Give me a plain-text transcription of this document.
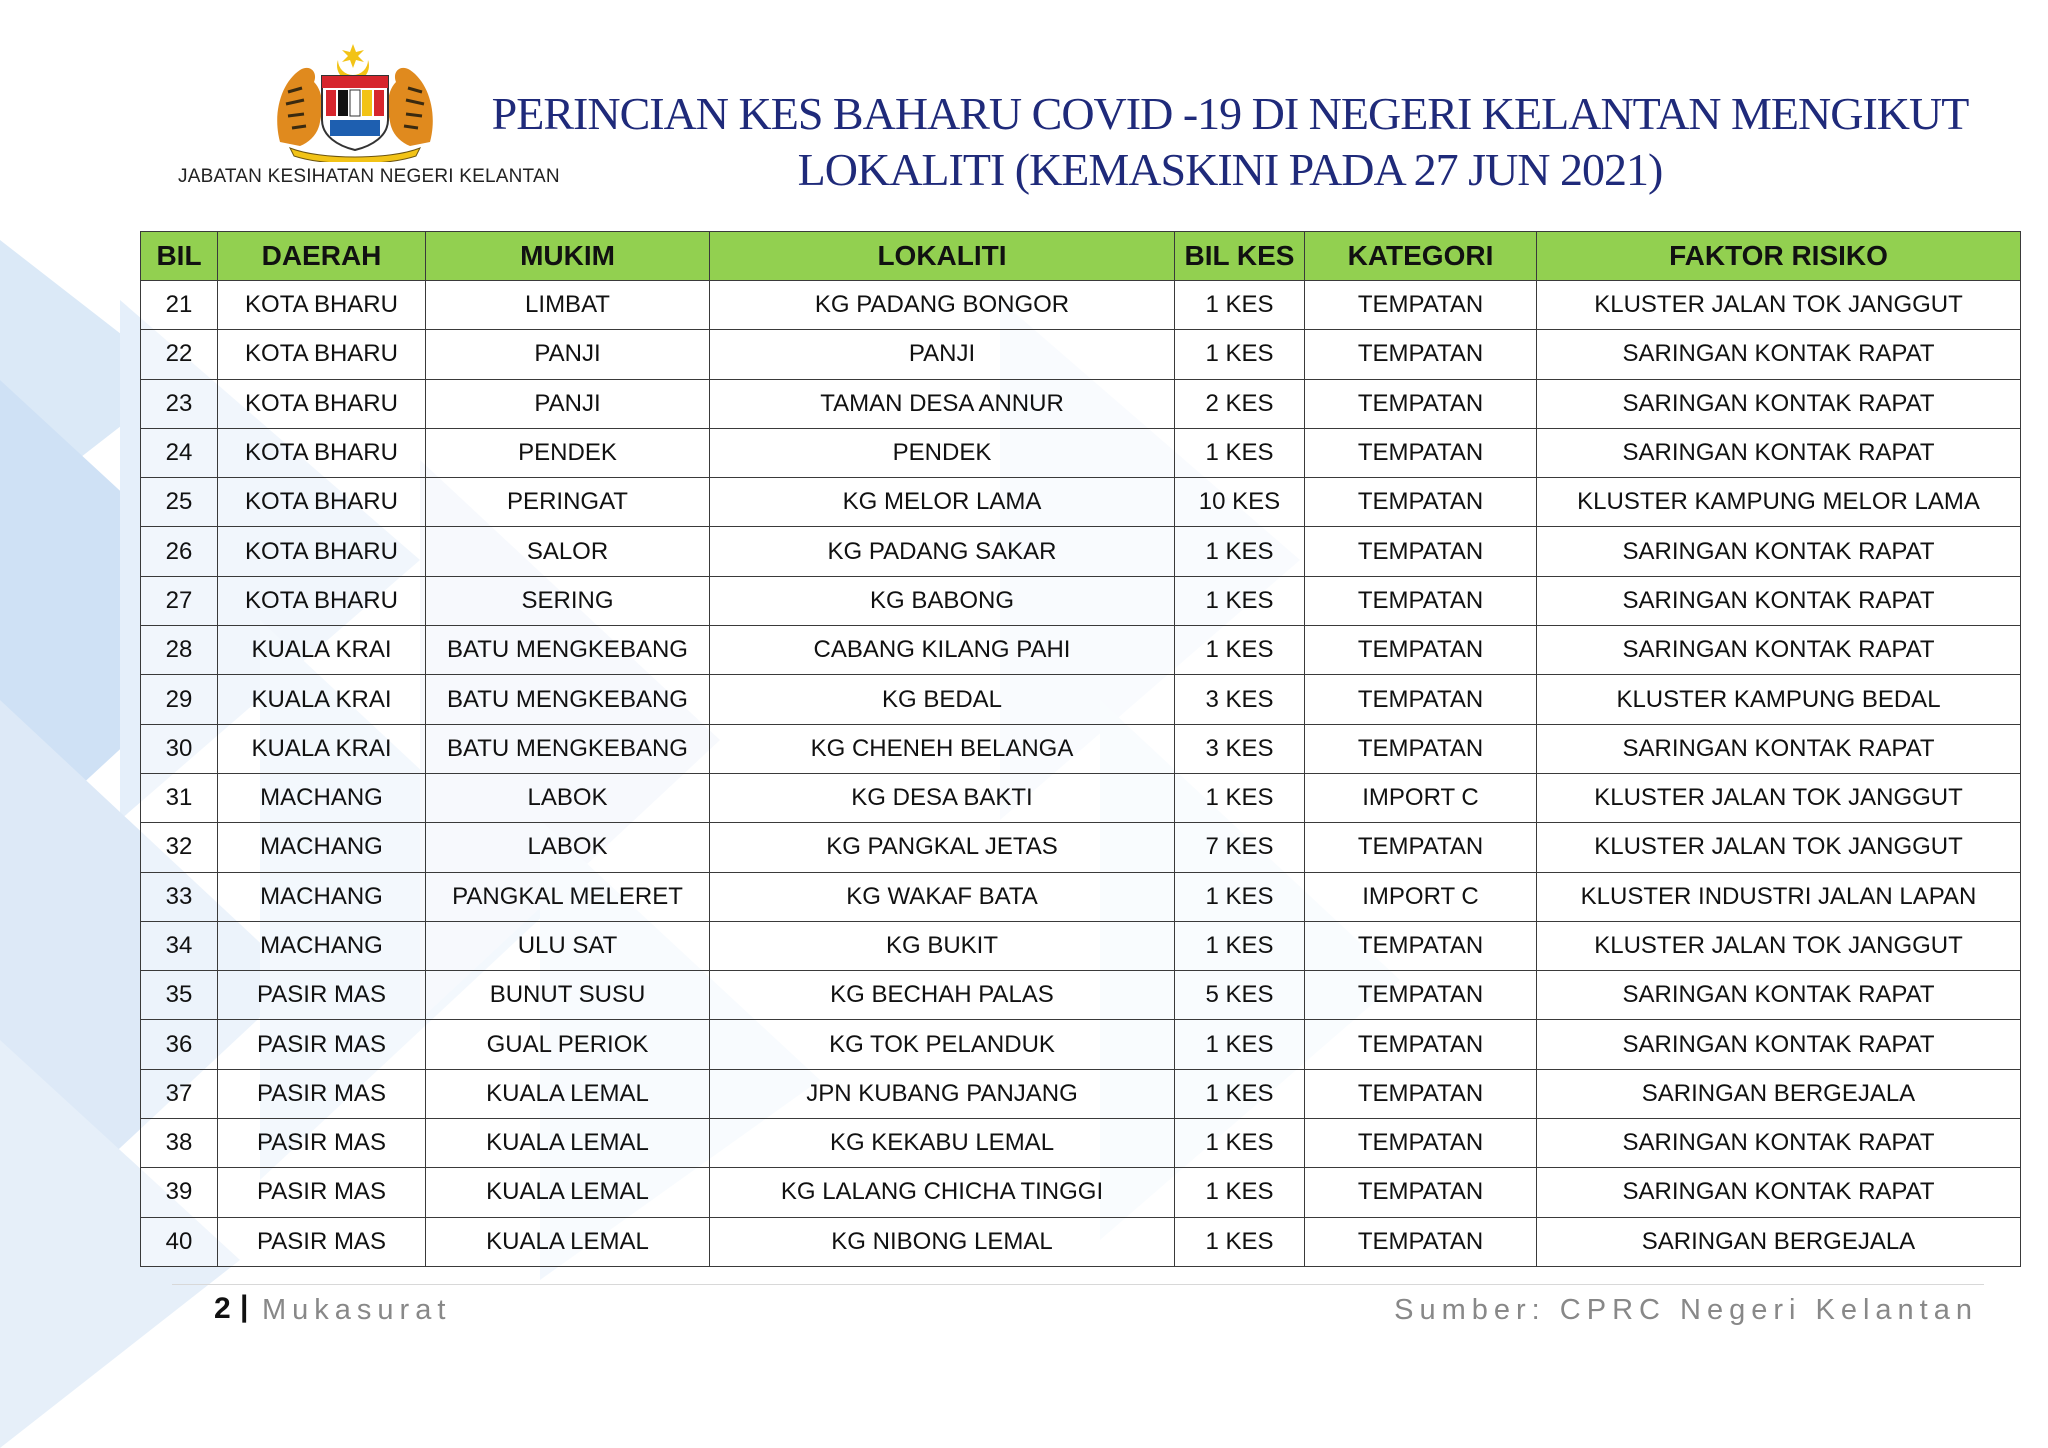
JABATAN KESIHATAN NEGERI KELANTAN
PERINCIAN KES BAHARU COVID -19 DI NEGERI KELANTAN MENGIKUT
LOKALITI (KEMASKINI PADA 27 JUN 2021)
BIL	DAERAH	MUKIM	LOKALITI	BIL KES	KATEGORI	FAKTOR RISIKO
21	KOTA BHARU	LIMBAT	KG PADANG BONGOR	1 KES	TEMPATAN	KLUSTER JALAN TOK JANGGUT
22	KOTA BHARU	PANJI	PANJI	1 KES	TEMPATAN	SARINGAN KONTAK RAPAT
23	KOTA BHARU	PANJI	TAMAN DESA ANNUR	2 KES	TEMPATAN	SARINGAN KONTAK RAPAT
24	KOTA BHARU	PENDEK	PENDEK	1 KES	TEMPATAN	SARINGAN KONTAK RAPAT
25	KOTA BHARU	PERINGAT	KG MELOR LAMA	10 KES	TEMPATAN	KLUSTER KAMPUNG MELOR LAMA
26	KOTA BHARU	SALOR	KG PADANG SAKAR	1 KES	TEMPATAN	SARINGAN KONTAK RAPAT
27	KOTA BHARU	SERING	KG BABONG	1 KES	TEMPATAN	SARINGAN KONTAK RAPAT
28	KUALA KRAI	BATU MENGKEBANG	CABANG KILANG PAHI	1 KES	TEMPATAN	SARINGAN KONTAK RAPAT
29	KUALA KRAI	BATU MENGKEBANG	KG BEDAL	3 KES	TEMPATAN	KLUSTER KAMPUNG BEDAL
30	KUALA KRAI	BATU MENGKEBANG	KG CHENEH BELANGA	3 KES	TEMPATAN	SARINGAN KONTAK RAPAT
31	MACHANG	LABOK	KG DESA BAKTI	1 KES	IMPORT C	KLUSTER JALAN TOK JANGGUT
32	MACHANG	LABOK	KG PANGKAL JETAS	7 KES	TEMPATAN	KLUSTER JALAN TOK JANGGUT
33	MACHANG	PANGKAL MELERET	KG WAKAF BATA	1 KES	IMPORT C	KLUSTER INDUSTRI JALAN LAPAN
34	MACHANG	ULU SAT	KG BUKIT	1 KES	TEMPATAN	KLUSTER JALAN TOK JANGGUT
35	PASIR MAS	BUNUT SUSU	KG BECHAH PALAS	5 KES	TEMPATAN	SARINGAN KONTAK RAPAT
36	PASIR MAS	GUAL PERIOK	KG TOK PELANDUK	1 KES	TEMPATAN	SARINGAN KONTAK RAPAT
37	PASIR MAS	KUALA LEMAL	JPN KUBANG PANJANG	1 KES	TEMPATAN	SARINGAN BERGEJALA
38	PASIR MAS	KUALA LEMAL	KG KEKABU LEMAL	1 KES	TEMPATAN	SARINGAN KONTAK RAPAT
39	PASIR MAS	KUALA LEMAL	KG LALANG CHICHA TINGGI	1 KES	TEMPATAN	SARINGAN KONTAK RAPAT
40	PASIR MAS	KUALA LEMAL	KG NIBONG LEMAL	1 KES	TEMPATAN	SARINGAN BERGEJALA
2 | Mukasurat	Sumber: CPRC Negeri Kelantan
